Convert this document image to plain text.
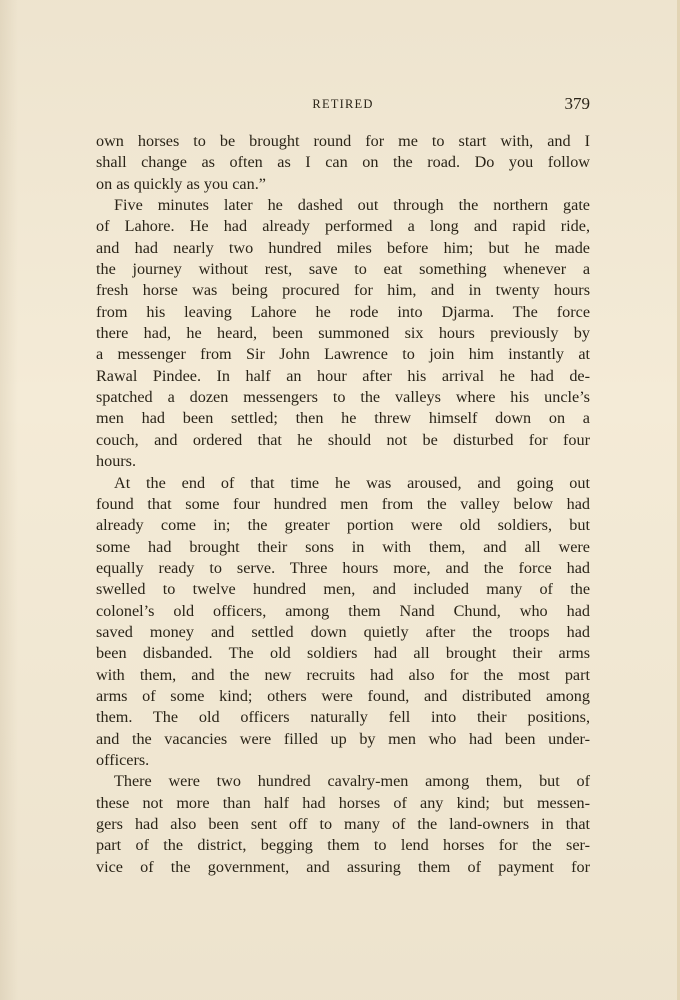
RETIRED	379

own horses to be brought round for me to start with, and I
shall change as often as I can on the road. Do you follow
on as quickly as you can.”

Five minutes later he dashed out through the northern gate
of Lahore. He had already performed a long and rapid ride,
and had nearly two hundred miles before him; but he made
the journey without rest, save to eat something whenever a
fresh horse was being procured for him, and in twenty hours
from his leaving Lahore he rode into Djarma. The force
there had, he heard, been summoned six hours previously by
a messenger from Sir John Lawrence to join him instantly at
Rawal Pindee. In half an hour after his arrival he had de-
spatched a dozen messengers to the valleys where his uncle’s
men had been settled; then he threw himself down on a
couch, and ordered that he should not be disturbed for four
hours.

At the end of that time he was aroused, and going out
found that some four hundred men from the valley below had
already come in; the greater portion were old soldiers, but
some had brought their sons in with them, and all were
equally ready to serve. Three hours more, and the force had
swelled to twelve hundred men, and included many of the
colonel’s old officers, among them Nand Chund, who had
saved money and settled down quietly after the troops had
been disbanded. The old soldiers had all brought their arms
with them, and the new recruits had also for the most part
arms of some kind; others were found, and distributed among
them. The old officers naturally fell into their positions,
and the vacancies were filled up by men who had been under-
officers.

There were two hundred cavalry-men among them, but of
these not more than half had horses of any kind; but messen-
gers had also been sent off to many of the land-owners in that
part of the district, begging them to lend horses for the ser-
vice of the government, and assuring them of payment for
